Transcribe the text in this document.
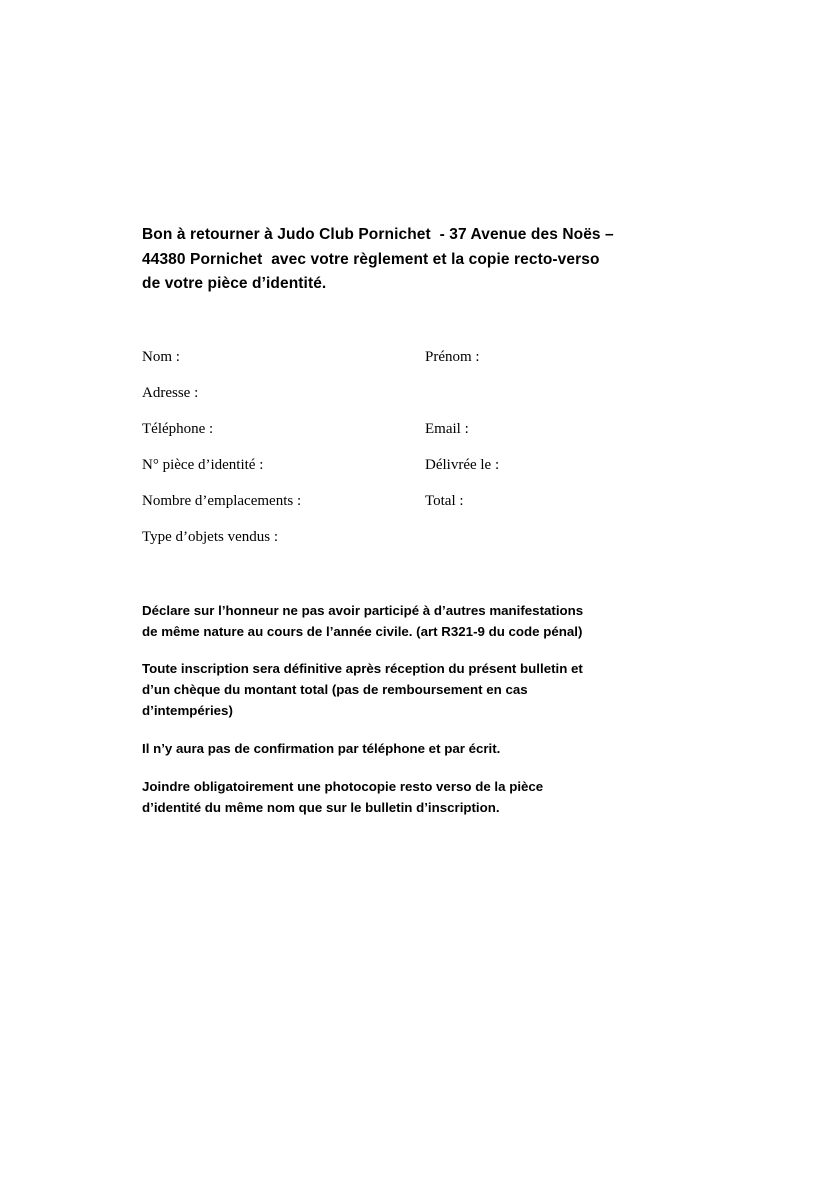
Bon à retourner à Judo Club Pornichet  - 37 Avenue des Noës –
44380 Pornichet  avec votre règlement et la copie recto-verso
de votre pièce d’identité.
Nom :	Prénom :
Adresse :
Téléphone :	Email :
N° pièce d’identité :	Délivrée le :
Nombre d’emplacements :	Total :
Type d’objets vendus :
Déclare sur l’honneur ne pas avoir participé à d’autres manifestations
de même nature au cours de l’année civile. (art R321-9 du code pénal)
Toute inscription sera définitive après réception du présent bulletin et
d’un chèque du montant total (pas de remboursement en cas
d’intempéries)
Il n’y aura pas de confirmation par téléphone et par écrit.
Joindre obligatoirement une photocopie resto verso de la pièce
d’identité du même nom que sur le bulletin d’inscription.
